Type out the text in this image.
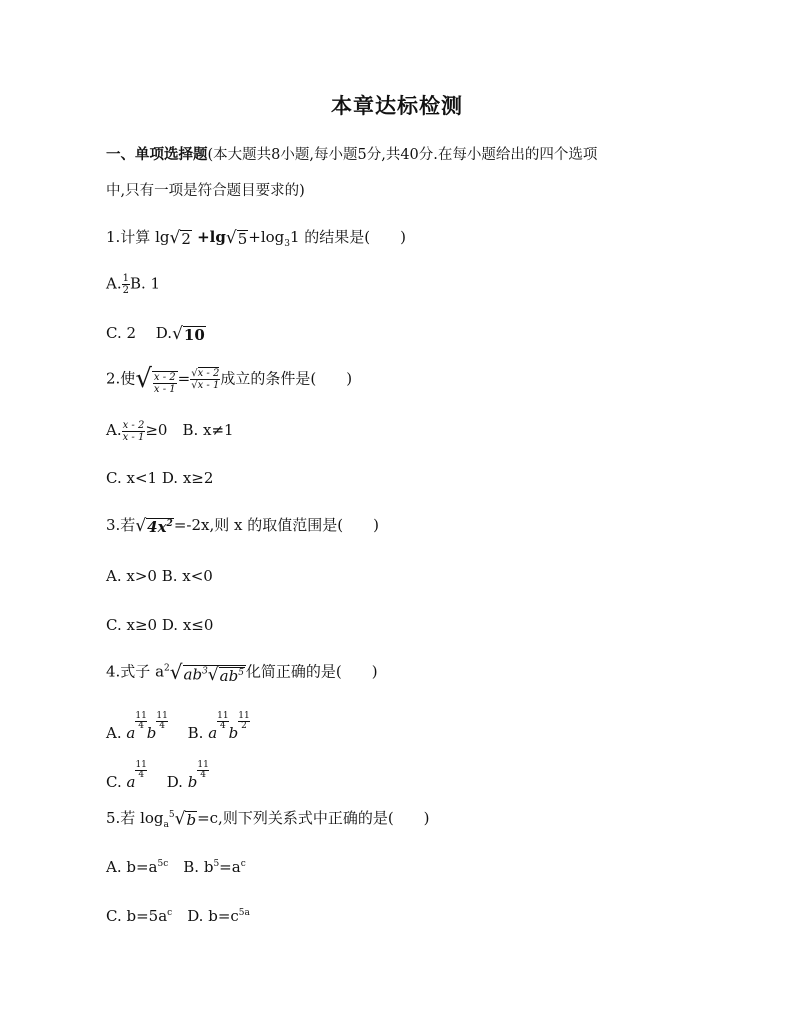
本章达标检测
一、单项选择题(本大题共8小题,每小题5分,共40分.在每小题给出的四个选项
中,只有一项是符合题目要求的)
1.计算 $\lg√2 +\lg√5+\log_31$ 的结果是(　　)
A. $\frac{1}{2} B$. 1
C. 2　 D.√10
2.使√ $\frac{x - 2}{x - 1} = \frac{√x - 2}{√x - 1}$ 成立的条件是(　　)
A. $\frac{x - 2}{x - 1} \ge 0$　B. x≠1
C. x<1 D. x≥2
3.若$√4x^2=-2x$,则 x 的取值范围是(　　)
A. x>0 B. x<0
C. x≥0 D. x≤0
4.式子 $a^2√ab^3√ab^5$ 化简正确的是(　　)
A. a
$\frac{11}{4}$
b
$\frac{11}{4}$
　B. a
$\frac{11}{4}$
b
$\frac{11}{2}$
C. a
$\frac{11}{4}$
　D. b
$\frac{11}{4}$
5.若 $\log_a^5√b=c$,则下列关系式中正确的是(　　)
A. $b=a^{5c}$　B. $b^5=a^c$
C. $b=5a^c$　D. $b=c^{5a}$
